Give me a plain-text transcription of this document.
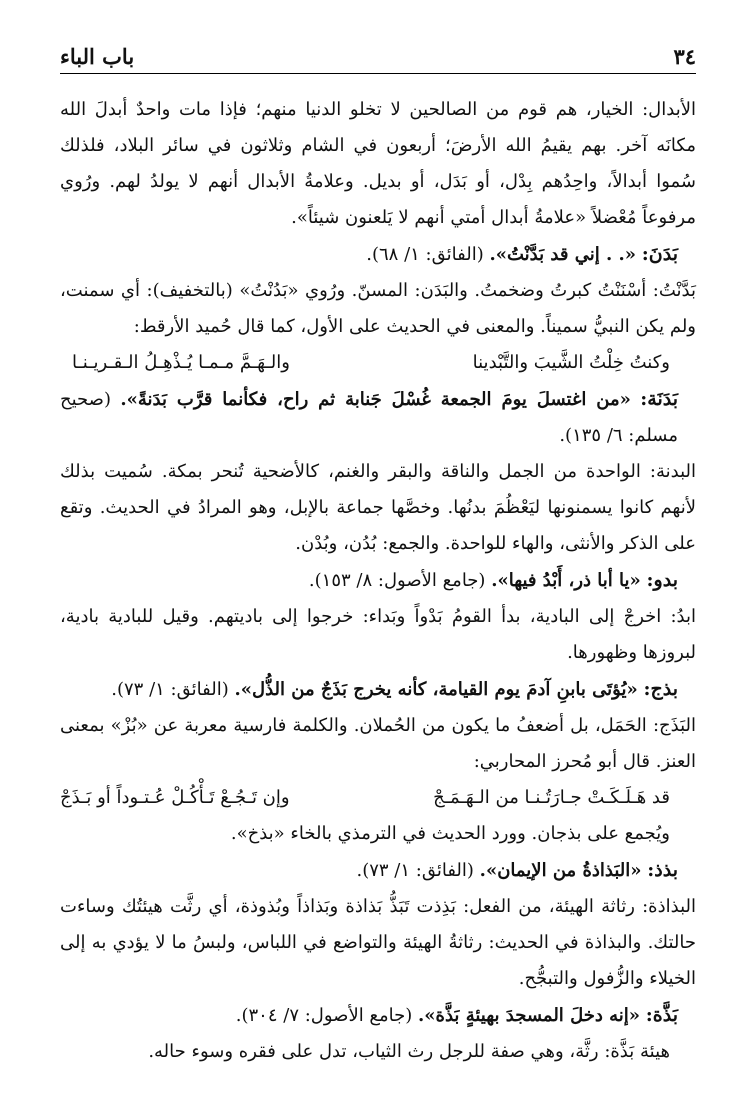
٣٤
باب الباء

الأبدال: الخيار، هم قوم من الصالحين لا تخلو الدنيا منهم؛ فإذا مات واحدٌ أبدلَ الله مكانَه آخر. بهم يقيمُ الله الأرضَ؛ أربعون في الشام وثلاثون في سائر البلاد، فلذلك سُموا أبدالاً، واحِدُهم بِدْل، أو بَدَل، أو بديل. وعلامةُ الأبدال أنهم لا يولدُ لهم. ورُوي مرفوعاً مُعْضلاً «علامةُ أبدال أمتي أنهم لا يَلعنون شيئاً».

بَدَنَ: «. . إني قد بَدَّنْتُ». (الفائق: ١/ ٦٨).

بَدَّنْتُ: أسْنَنْتُ كبرتُ وضخمتُ. والبَدَن: المسنّ. ورُوي «بَدُنْتُ» (بالتخفيف): أي سمنت، ولم يكن النبيُّ سميناً. والمعنى في الحديث على الأول، كما قال حُميد الأرقط:

وكنتُ خِلْتُ الشَّيبَ والتَّبْدينا
والـهَـمَّ مـمـا يُـذْهِـلُ الـقـريـنـا

بَدَنَة: «من اغتسلَ يومَ الجمعة غُسْلَ جَنابة ثم راح، فكأنما قرَّب بَدَنةً». (صحيح مسلم: ٦/ ١٣٥).

البدنة: الواحدة من الجمل والناقة والبقر والغنم، كالأضحية تُنحر بمكة. سُميت بذلك لأنهم كانوا يسمنونها ليَعْظُمَ بدنُها. وخصَّها جماعة بالإبل، وهو المرادُ في الحديث. وتقع على الذكر والأنثى، والهاء للواحدة. والجمع: بُدُن، وبُدْن.

بدو: «يا أبا ذر، أَبْدُ فيها». (جامع الأصول: ٨/ ١٥٣).

ابدُ: اخرجْ إلى البادية، بدأ القومُ بَدْواً وبَداء: خرجوا إلى باديتهم. وقيل للبادية بادية، لبروزها وظهورها.

بذج: «يُؤتَى بابنِ آدمَ يوم القيامة، كأنه يخرج بَذَجٌ من الذُّل». (الفائق: ١/ ٧٣).

البَذَج: الحَمَل، بل أضعفُ ما يكون من الحُملان. والكلمة فارسية معربة عن «بُزْ» بمعنى العنز. قال أبو مُحرز المحاربي:

قد هَـلَـكَـتْ جـارَتُـنـا من الـهَـمَـجْ
وإن تَـجُـعْ تَـأْكُـلْ عُـتـوداً أو بَـذَجْ

ويُجمع على بذجان. وورد الحديث في الترمذي بالخاء «بذخ».

بذذ: «البَذاذةُ من الإيمان». (الفائق: ١/ ٧٣).

البذاذة: رثاثة الهيئة، من الفعل: بَذِذت تَبَذُّ بَذاذة وبَذاذاً وبُذوذة، أي رثَّت هيئتُك وساءت حالتك. والبذاذة في الحديث: رثاثةُ الهيئة والتواضع في اللباس، ولبسُ ما لا يؤدي به إلى الخيلاء والزُّفول والتبجُّح.

بَذَّة: «إنه دخلَ المسجدَ بهيئةٍ بَذَّة». (جامع الأصول: ٧/ ٣٠٤).

هيئة بَذَّة: رثَّة، وهي صفة للرجل رث الثياب، تدل على فقره وسوء حاله.
